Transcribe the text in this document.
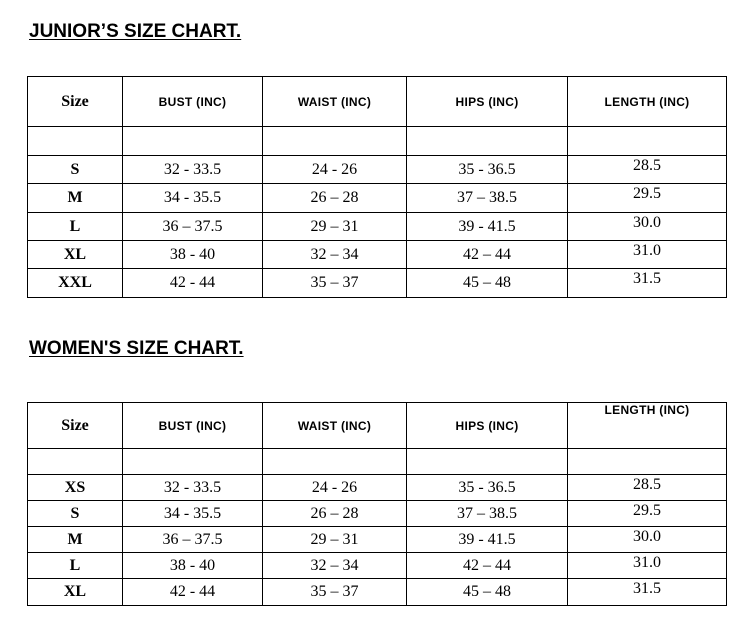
JUNIOR’S SIZE CHART.
Size	BUST (INC)	WAIST (INC)	HIPS (INC)	LENGTH (INC)

S	32 - 33.5	24 - 26	35 - 36.5	28.5
M	34 - 35.5	26 – 28	37 – 38.5	29.5
L	36 – 37.5	29 – 31	39 - 41.5	30.0
XL	38 - 40	32 – 34	42 – 44	31.0
XXL	42 - 44	35 – 37	45 – 48	31.5
WOMEN'S SIZE CHART.
Size	BUST (INC)	WAIST (INC)	HIPS (INC)	LENGTH (INC)

XS	32 - 33.5	24 - 26	35 - 36.5	28.5
S	34 - 35.5	26 – 28	37 – 38.5	29.5
M	36 – 37.5	29 – 31	39 - 41.5	30.0
L	38 - 40	32 – 34	42 – 44	31.0
XL	42 - 44	35 – 37	45 – 48	31.5
